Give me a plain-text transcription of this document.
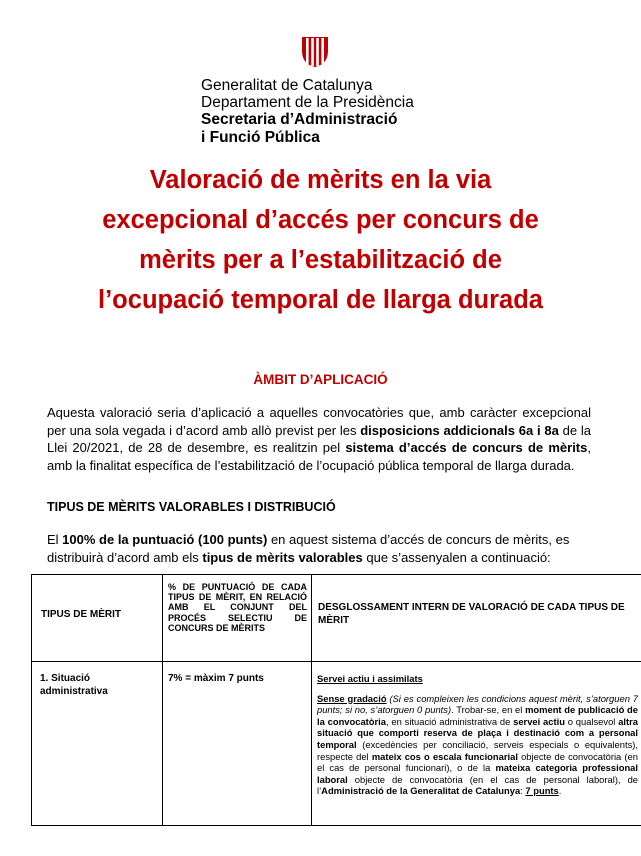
Generalitat de Catalunya
Departament de la Presidència
Secretaria d’Administració
i Funció Pública
Valoració de mèrits en la via
excepcional d’accés per concurs de
mèrits per a l’estabilització de
l’ocupació temporal de llarga durada
ÀMBIT D’APLICACIÓ

Aquesta valoració seria d’aplicació a aquelles convocatòries que, amb caràcter excepcional per una sola vegada i d’acord amb allò previst per les disposicions addicionals 6a i 8a de la Llei 20/2021, de 28 de desembre, es realitzin pel sistema d’accés de concurs de mèrits, amb la finalitat específica de l’estabilització de l’ocupació pública temporal de llarga durada.

TIPUS DE MÈRITS VALORABLES I DISTRIBUCIÓ

El 100% de la puntuació (100 punts) en aquest sistema d’accés de concurs de mèrits, es distribuirà d’acord amb els tipus de mèrits valorables que s’assenyalen a continuació:

TIPUS DE MÈRIT	% DE PUNTUACIÓ DE CADA TIPUS DE MÈRIT, EN RELACIÓ AMB EL CONJUNT DEL PROCÉS SELECTIU DE CONCURS DE MÈRITS	DESGLOSSAMENT INTERN DE VALORACIÓ DE CADA TIPUS DE MÈRIT
1. Situació administrativa	7% = màxim 7 punts	Servei actiu i assimilats
Sense gradació (Si es compleixen les condicions aquest mèrit, s’atorguen 7 punts; si no, s’atorguen 0 punts). Trobar-se, en el moment de publicació de la convocatòria, en situació administrativa de servei actiu o qualsevol altra situació que comporti reserva de plaça i destinació com a personal temporal (excedències per conciliació, serveis especials o equivalents), respecte del mateix cos o escala funcionarial objecte de convocatòria (en el cas de personal funcionari), o de la mateixa categoria professional laboral objecte de convocatòria (en el cas de personal laboral), de l’Administració de la Generalitat de Catalunya: 7 punts.
